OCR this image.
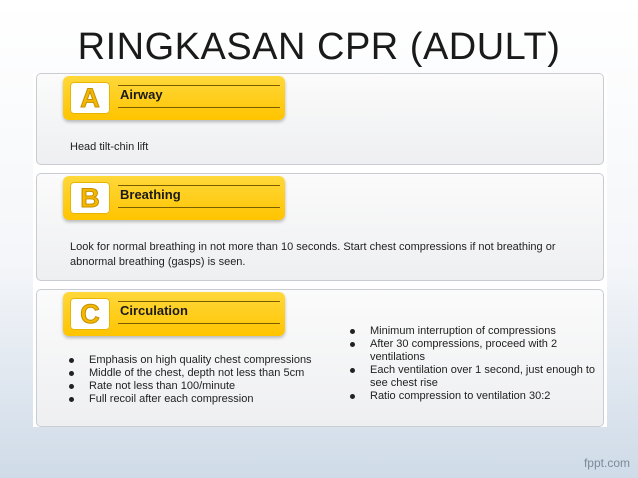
RINGKASAN CPR (ADULT)
A	Airway
Head tilt-chin lift
B	Breathing
Look for normal breathing in not more than 10 seconds. Start chest compressions if not breathing or abnormal breathing (gasps) is seen.
C	Circulation
Emphasis on high quality chest compressions
Middle of the chest, depth not less than 5cm
Rate not less than 100/minute
Full recoil after each compression
Minimum interruption of compressions
After 30 compressions, proceed with 2 ventilations
Each ventilation over 1 second, just enough to see chest rise
Ratio compression to ventilation 30:2
fppt.com
